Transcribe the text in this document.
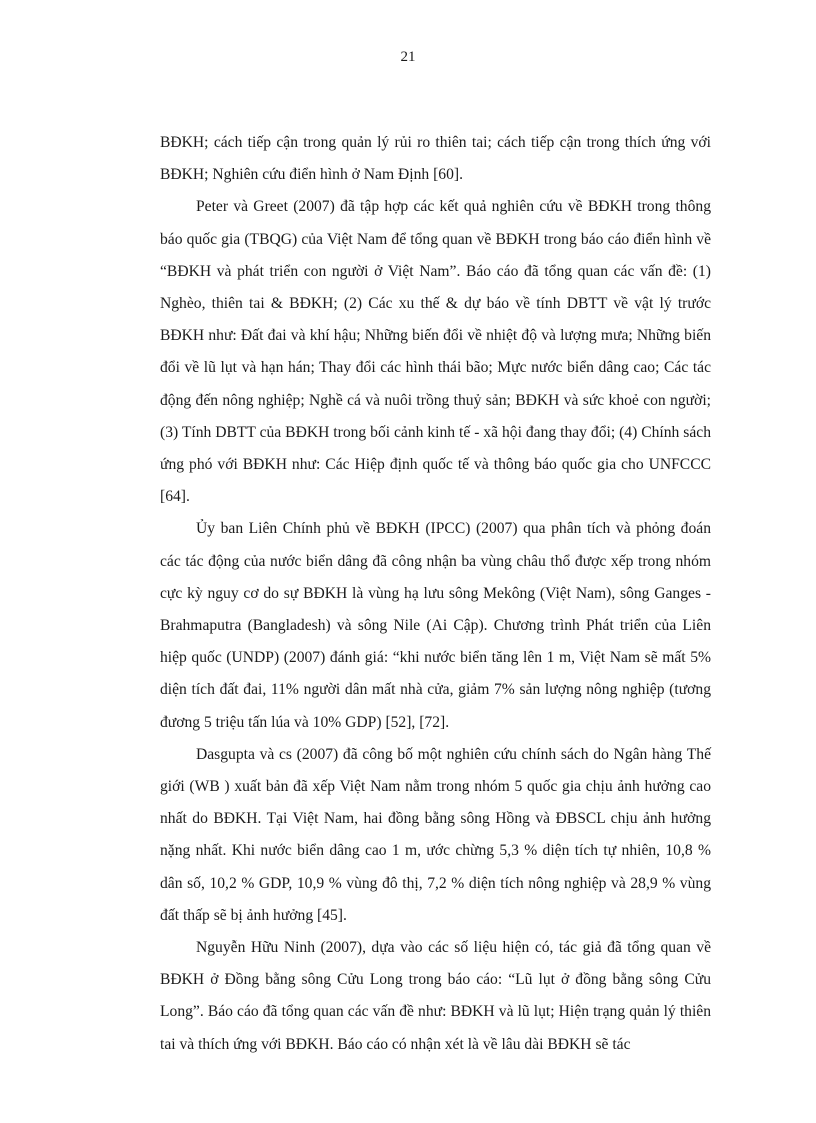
21

BĐKH; cách tiếp cận trong quản lý rủi ro thiên tai; cách tiếp cận trong thích ứng với BĐKH; Nghiên cứu điển hình ở Nam Định [60].

Peter và Greet (2007) đã tập hợp các kết quả nghiên cứu về BĐKH trong thông báo quốc gia (TBQG) của Việt Nam để tổng quan về BĐKH trong báo cáo điển hình về “BĐKH và phát triển con người ở Việt Nam”. Báo cáo đã tổng quan các vấn đề: (1) Nghèo, thiên tai & BĐKH; (2) Các xu thế & dự báo về tính DBTT về vật lý trước BĐKH như: Đất đai và khí hậu; Những biến đổi về nhiệt độ và lượng mưa; Những biến đổi về lũ lụt và hạn hán; Thay đổi các hình thái bão; Mực nước biển dâng cao; Các tác động đến nông nghiệp; Nghề cá và nuôi trồng thuỷ sản; BĐKH và sức khoẻ con người; (3) Tính DBTT của BĐKH trong bối cảnh kinh tế - xã hội đang thay đổi; (4) Chính sách ứng phó với BĐKH như: Các Hiệp định quốc tế và thông báo quốc gia cho UNFCCC [64].

Ủy ban Liên Chính phủ về BĐKH (IPCC) (2007) qua phân tích và phỏng đoán các tác động của nước biển dâng đã công nhận ba vùng châu thổ được xếp trong nhóm cực kỳ nguy cơ do sự BĐKH là vùng hạ lưu sông Mekông (Việt Nam), sông Ganges - Brahmaputra (Bangladesh) và sông Nile (Ai Cập). Chương trình Phát triển của Liên hiệp quốc (UNDP) (2007) đánh giá: “khi nước biển tăng lên 1 m, Việt Nam sẽ mất 5% diện tích đất đai, 11% người dân mất nhà cửa, giảm 7% sản lượng nông nghiệp (tương đương 5 triệu tấn lúa và 10% GDP) [52], [72].

Dasgupta và cs (2007) đã công bố một nghiên cứu chính sách do Ngân hàng Thế giới (WB ) xuất bản đã xếp Việt Nam nằm trong nhóm 5 quốc gia chịu ảnh hưởng cao nhất do BĐKH. Tại Việt Nam, hai đồng bằng sông Hồng và ĐBSCL chịu ảnh hưởng nặng nhất. Khi nước biển dâng cao 1 m, ước chừng 5,3 % diện tích tự nhiên, 10,8 % dân số, 10,2 % GDP, 10,9 % vùng đô thị, 7,2 % diện tích nông nghiệp và 28,9 % vùng đất thấp sẽ bị ảnh hưởng [45].

Nguyễn Hữu Ninh (2007), dựa vào các số liệu hiện có, tác giả đã tổng quan về BĐKH ở Đồng bằng sông Cửu Long trong báo cáo: “Lũ lụt ở đồng bằng sông Cửu Long”. Báo cáo đã tổng quan các vấn đề như: BĐKH và lũ lụt; Hiện trạng quản lý thiên tai và thích ứng với BĐKH. Báo cáo có nhận xét là về lâu dài BĐKH sẽ tác
